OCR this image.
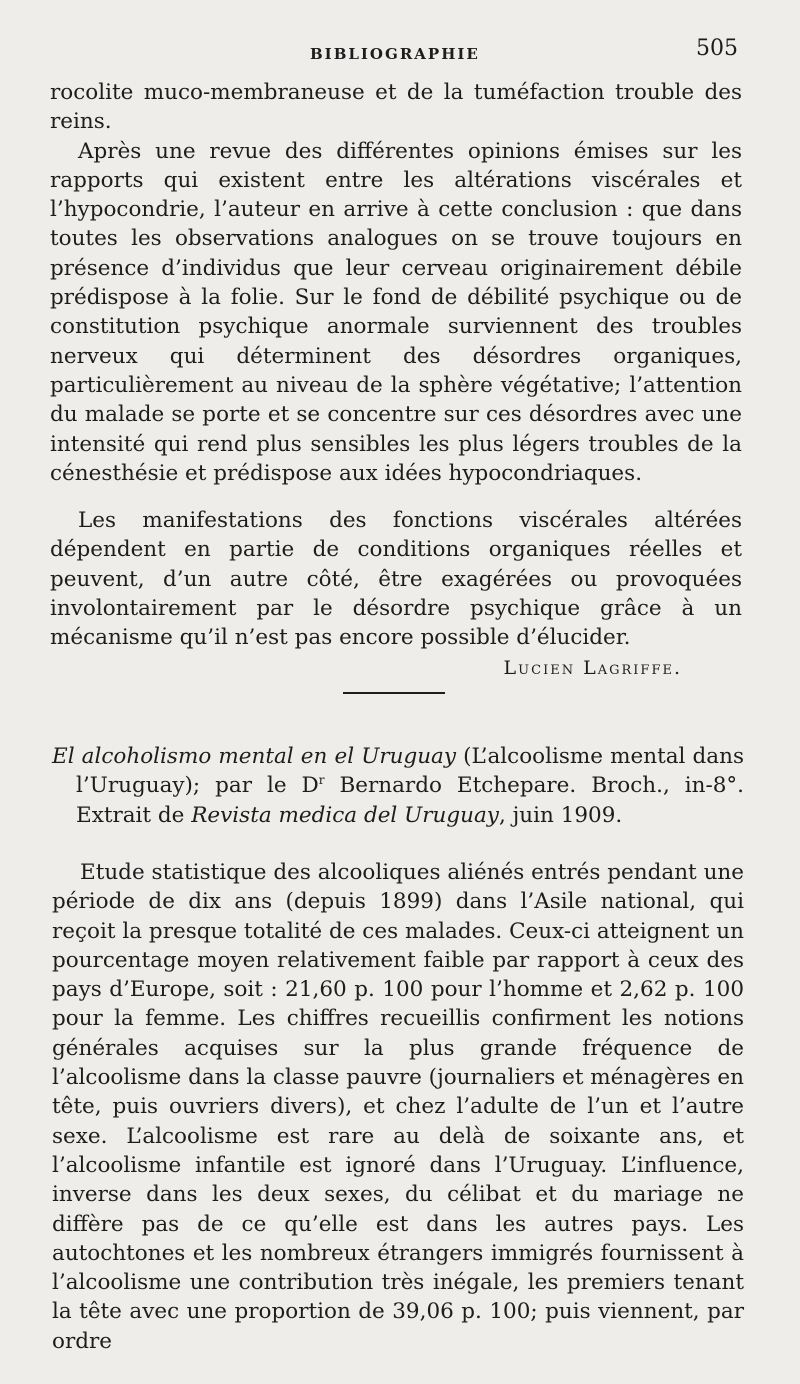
BIBLIOGRAPHIE	505

rocolite muco-membraneuse et de la tuméfaction trouble des reins.

Après une revue des différentes opinions émises sur les rapports qui existent entre les altérations viscérales et l’hypocondrie, l’auteur en arrive à cette conclusion : que dans toutes les observations analogues on se trouve toujours en présence d’individus que leur cerveau originairement débile prédispose à la folie. Sur le fond de débilité psychique ou de constitution psychique anormale surviennent des troubles nerveux qui déterminent des désordres organiques, particulièrement au niveau de la sphère végétative; l’attention du malade se porte et se concentre sur ces désordres avec une intensité qui rend plus sensibles les plus légers troubles de la cénesthésie et prédispose aux idées hypocondriaques.

Les manifestations des fonctions viscérales altérées dépendent en partie de conditions organiques réelles et peuvent, d’un autre côté, être exagérées ou provoquées involontairement par le désordre psychique grâce à un mécanisme qu’il n’est pas encore possible d’élucider.

Lucien Lagriffe.

El alcoholismo mental en el Uruguay (L’alcoolisme mental dans l’Uruguay); par le $D^r$ Bernardo Etchepare. Broch., in-8°. Extrait de Revista medica del Uruguay, juin 1909.

Etude statistique des alcooliques aliénés entrés pendant une période de dix ans (depuis 1899) dans l’Asile national, qui reçoit la presque totalité de ces malades. Ceux-ci atteignent un pourcentage moyen relativement faible par rapport à ceux des pays d’Europe, soit : 21,60 p. 100 pour l’homme et 2,62 p. 100 pour la femme. Les chiffres recueillis confirment les notions générales acquises sur la plus grande fréquence de l’alcoolisme dans la classe pauvre (journaliers et ménagères en tête, puis ouvriers divers), et chez l’adulte de l’un et l’autre sexe. L’alcoolisme est rare au delà de soixante ans, et l’alcoolisme infantile est ignoré dans l’Uruguay. L’influence, inverse dans les deux sexes, du célibat et du mariage ne diffère pas de ce qu’elle est dans les autres pays. Les autochtones et les nombreux étrangers immigrés fournissent à l’alcoolisme une contribution très inégale, les premiers tenant la tête avec une proportion de 39,06 p. 100; puis viennent, par ordre
